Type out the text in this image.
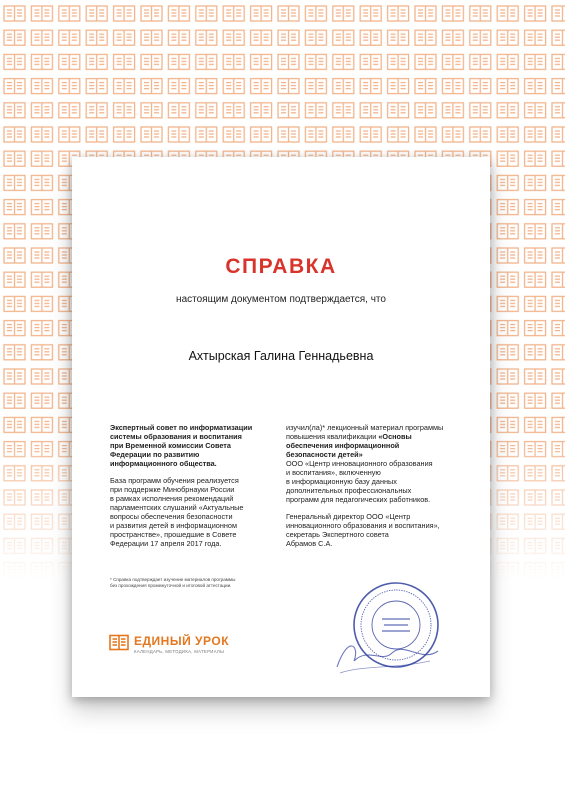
СПРАВКА
настоящим документом подтверждается, что
Ахтырская Галина Геннадьевна

Экспертный совет по информатизации
системы образования и воспитания
при Временной комиссии Совета
Федерации по развитию
информационного общества.

База программ обучения реализуется
при поддержке Минобрнауки России
в рамках исполнения рекомендаций
парламентских слушаний «Актуальные
вопросы обеспечения безопасности
и развития детей в информационном
пространстве», прошедшие в Совете
Федерации 17 апреля 2017 года.

изучил(ла)* лекционный материал программы
повышения квалификации «Основы
обеспечения информационной
безопасности детей»
ООО «Центр инновационного образования
и воспитания», включенную
в информационную базу данных
дополнительных профессиональных
программ для педагогических работников.

Генеральный директор ООО «Центр
инновационного образования и воспитания»,
секретарь Экспертного совета
Абрамов С.А.

* Справка подтверждает изучение материалов программы
без прохождения промежуточной и итоговой аттестации.
ЕДИНЫЙ УРОК
КАЛЕНДАРЬ, МЕТОДИКА, МАТЕРИАЛЫ
